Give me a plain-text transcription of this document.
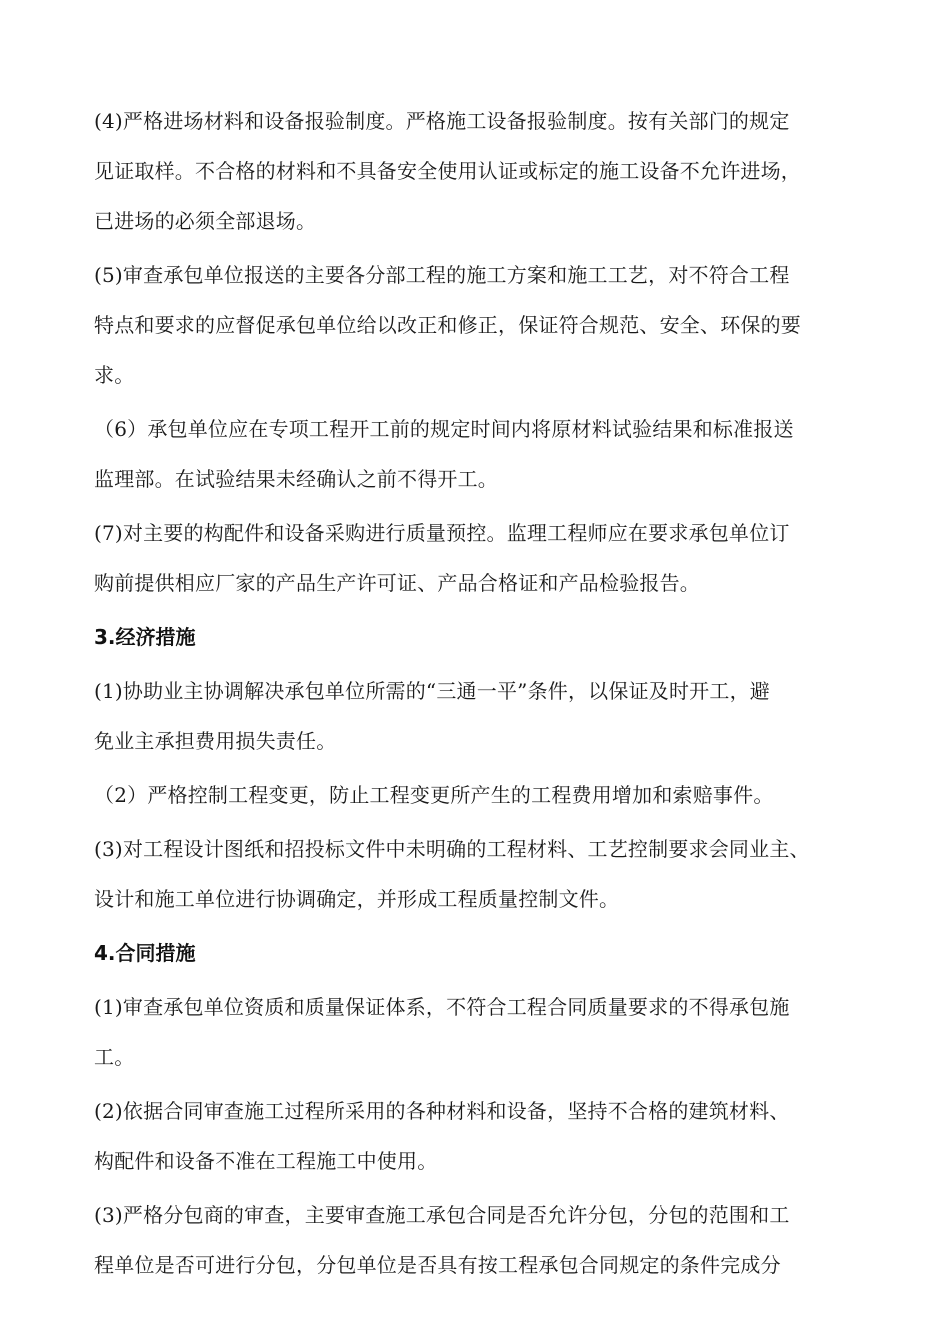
(4)严格进场材料和设备报验制度。严格施工设备报验制度。按有关部门的规定
见证取样。不合格的材料和不具备安全使用认证或标定的施工设备不允许进场，
已进场的必须全部退场。

(5)审查承包单位报送的主要各分部工程的施工方案和施工工艺，对不符合工程
特点和要求的应督促承包单位给以改正和修正，保证符合规范、安全、环保的要
求。

（6）承包单位应在专项工程开工前的规定时间内将原材料试验结果和标准报送
监理部。在试验结果未经确认之前不得开工。

(7)对主要的构配件和设备采购进行质量预控。监理工程师应在要求承包单位订
购前提供相应厂家的产品生产许可证、产品合格证和产品检验报告。

3.经济措施

(1)协助业主协调解决承包单位所需的“三通一平”条件，以保证及时开工，避
免业主承担费用损失责任。

（2）严格控制工程变更，防止工程变更所产生的工程费用增加和索赔事件。

(3)对工程设计图纸和招投标文件中未明确的工程材料、工艺控制要求会同业主、
设计和施工单位进行协调确定，并形成工程质量控制文件。

4.合同措施

(1)审查承包单位资质和质量保证体系，不符合工程合同质量要求的不得承包施
工。

(2)依据合同审查施工过程所采用的各种材料和设备，坚持不合格的建筑材料、
构配件和设备不准在工程施工中使用。

(3)严格分包商的审查，主要审查施工承包合同是否允许分包，分包的范围和工
程单位是否可进行分包，分包单位是否具有按工程承包合同规定的条件完成分
